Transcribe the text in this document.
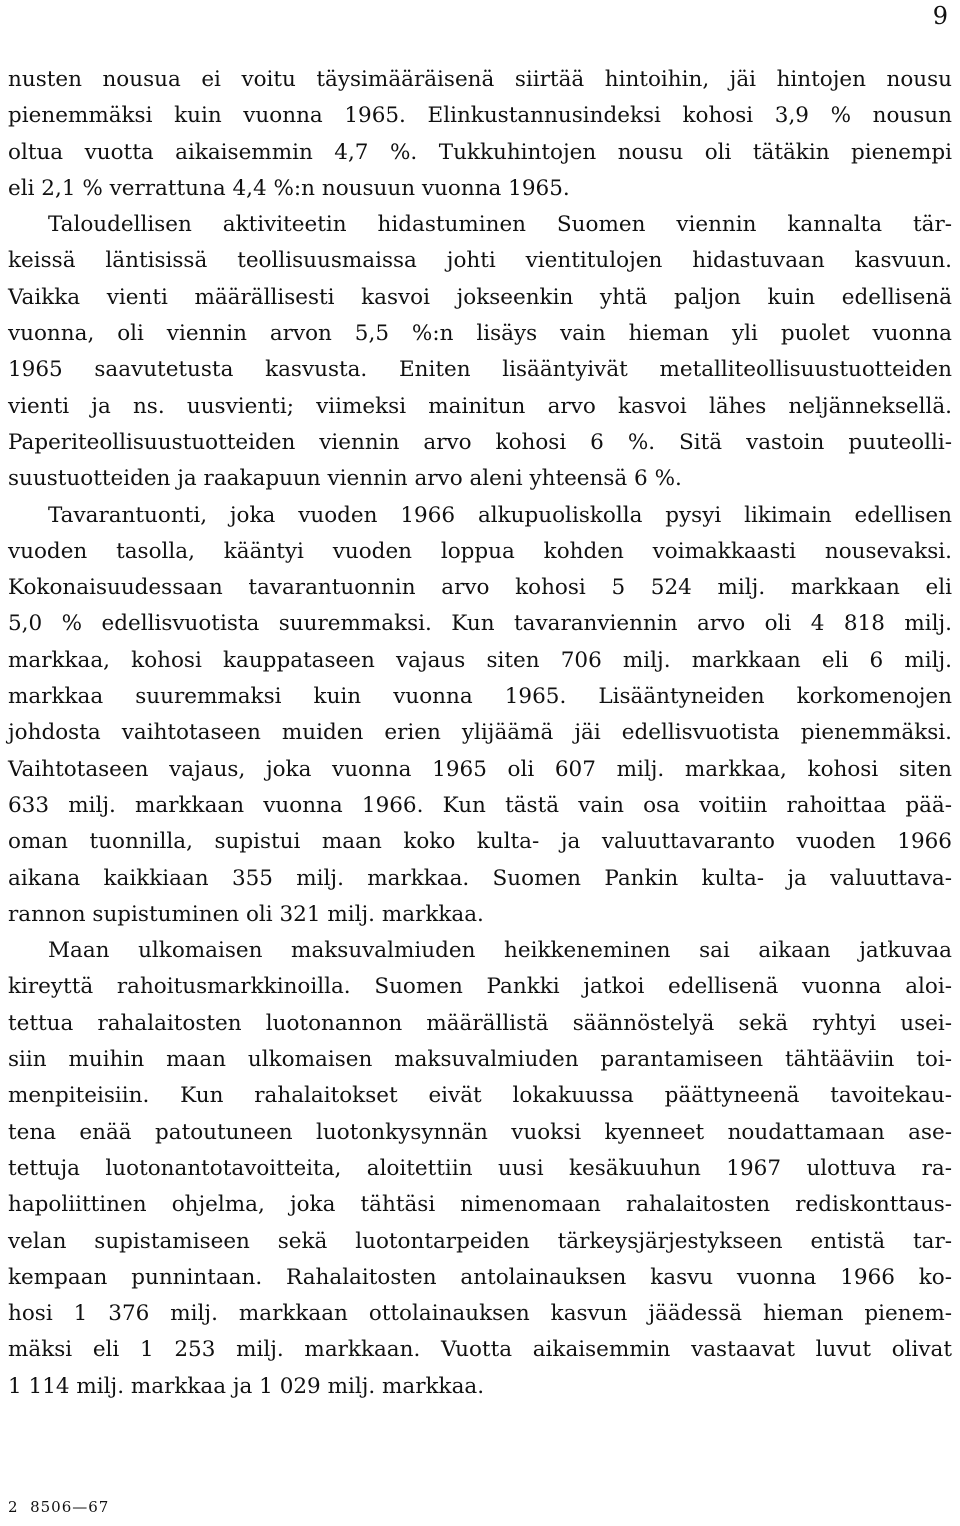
9
nusten nousua ei voitu täysimääräisenä siirtää hintoihin, jäi hintojen nousu
pienemmäksi kuin vuonna 1965. Elinkustannusindeksi kohosi 3,9 % nousun
oltua vuotta aikaisemmin 4,7 %. Tukkuhintojen nousu oli tätäkin pienempi
eli 2,1 % verrattuna 4,4 %:n nousuun vuonna 1965.
Taloudellisen aktiviteetin hidastuminen Suomen viennin kannalta tär-
keissä läntisissä teollisuusmaissa johti vientitulojen hidastuvaan kasvuun.
Vaikka vienti määrällisesti kasvoi jokseenkin yhtä paljon kuin edellisenä
vuonna, oli viennin arvon 5,5 %:n lisäys vain hieman yli puolet vuonna
1965 saavutetusta kasvusta. Eniten lisääntyivät metalliteollisuustuotteiden
vienti ja ns. uusvienti; viimeksi mainitun arvo kasvoi lähes neljänneksellä.
Paperiteollisuustuotteiden viennin arvo kohosi 6 %. Sitä vastoin puuteolli-
suustuotteiden ja raakapuun viennin arvo aleni yhteensä 6 %.
Tavarantuonti, joka vuoden 1966 alkupuoliskolla pysyi likimain edellisen
vuoden tasolla, kääntyi vuoden loppua kohden voimakkaasti nousevaksi.
Kokonaisuudessaan tavarantuonnin arvo kohosi 5 524 milj. markkaan eli
5,0 % edellisvuotista suuremmaksi. Kun tavaranviennin arvo oli 4 818 milj.
markkaa, kohosi kauppataseen vajaus siten 706 milj. markkaan eli 6 milj.
markkaa suuremmaksi kuin vuonna 1965. Lisääntyneiden korkomenojen
johdosta vaihtotaseen muiden erien ylijäämä jäi edellisvuotista pienemmäksi.
Vaihtotaseen vajaus, joka vuonna 1965 oli 607 milj. markkaa, kohosi siten
633 milj. markkaan vuonna 1966. Kun tästä vain osa voitiin rahoittaa pää-
oman tuonnilla, supistui maan koko kulta- ja valuuttavaranto vuoden 1966
aikana kaikkiaan 355 milj. markkaa. Suomen Pankin kulta- ja valuuttava-
rannon supistuminen oli 321 milj. markkaa.
Maan ulkomaisen maksuvalmiuden heikkeneminen sai aikaan jatkuvaa
kireyttä rahoitusmarkkinoilla. Suomen Pankki jatkoi edellisenä vuonna aloi-
tettua rahalaitosten luotonannon määrällistä säännöstelyä sekä ryhtyi usei-
siin muihin maan ulkomaisen maksuvalmiuden parantamiseen tähtääviin toi-
menpiteisiin. Kun rahalaitokset eivät lokakuussa päättyneenä tavoitekau-
tena enää patoutuneen luotonkysynnän vuoksi kyenneet noudattamaan ase-
tettuja luotonantotavoitteita, aloitettiin uusi kesäkuuhun 1967 ulottuva ra-
hapoliittinen ohjelma, joka tähtäsi nimenomaan rahalaitosten rediskonttaus-
velan supistamiseen sekä luotontarpeiden tärkeysjärjestykseen entistä tar-
kempaan punnintaan. Rahalaitosten antolainauksen kasvu vuonna 1966 ko-
hosi 1 376 milj. markkaan ottolainauksen kasvun jäädessä hieman pienem-
mäksi eli 1 253 milj. markkaan. Vuotta aikaisemmin vastaavat luvut olivat
1 114 milj. markkaa ja 1 029 milj. markkaa.
2  8506—67
